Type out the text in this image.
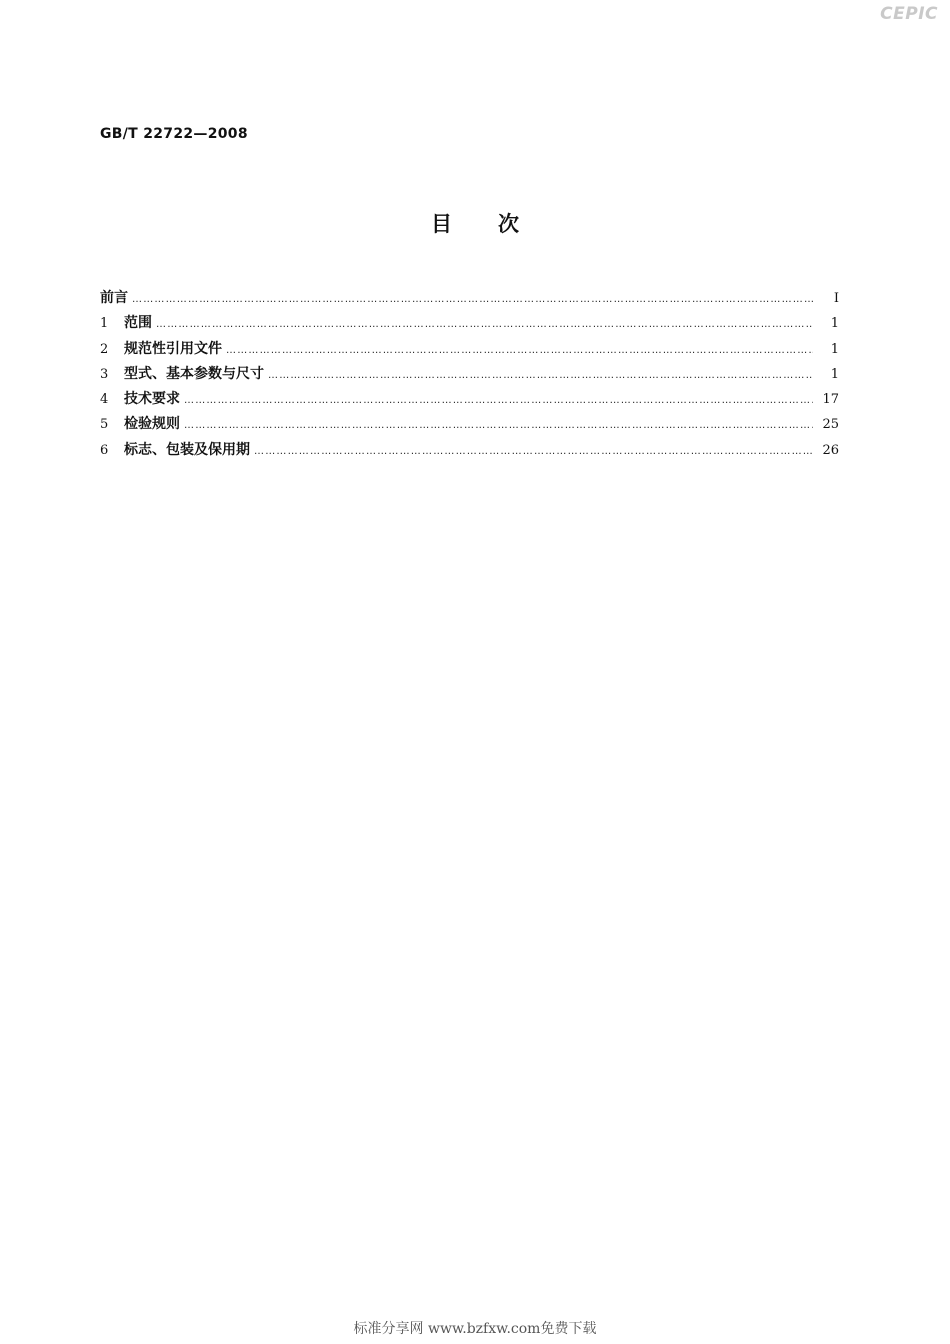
CEPIC
GB/T 22722—2008
目 次
前言 ……………………………………………………………………………………………………………………………………………………………………………………………………	I
1	范围 ……………………………………………………………………………………………………………………………………………………………………………………………………	1
2	规范性引用文件 ……………………………………………………………………………………………………………………………………………………………………………………………………	1
3	型式、基本参数与尺寸 ……………………………………………………………………………………………………………………………………………………………………………………………………	1
4	技术要求 ……………………………………………………………………………………………………………………………………………………………………………………………………	17
5	检验规则 ……………………………………………………………………………………………………………………………………………………………………………………………………	25
6	标志、包装及保用期 ……………………………………………………………………………………………………………………………………………………………………………………………………	26
标准分享网 www.bzfxw.com免费下载
